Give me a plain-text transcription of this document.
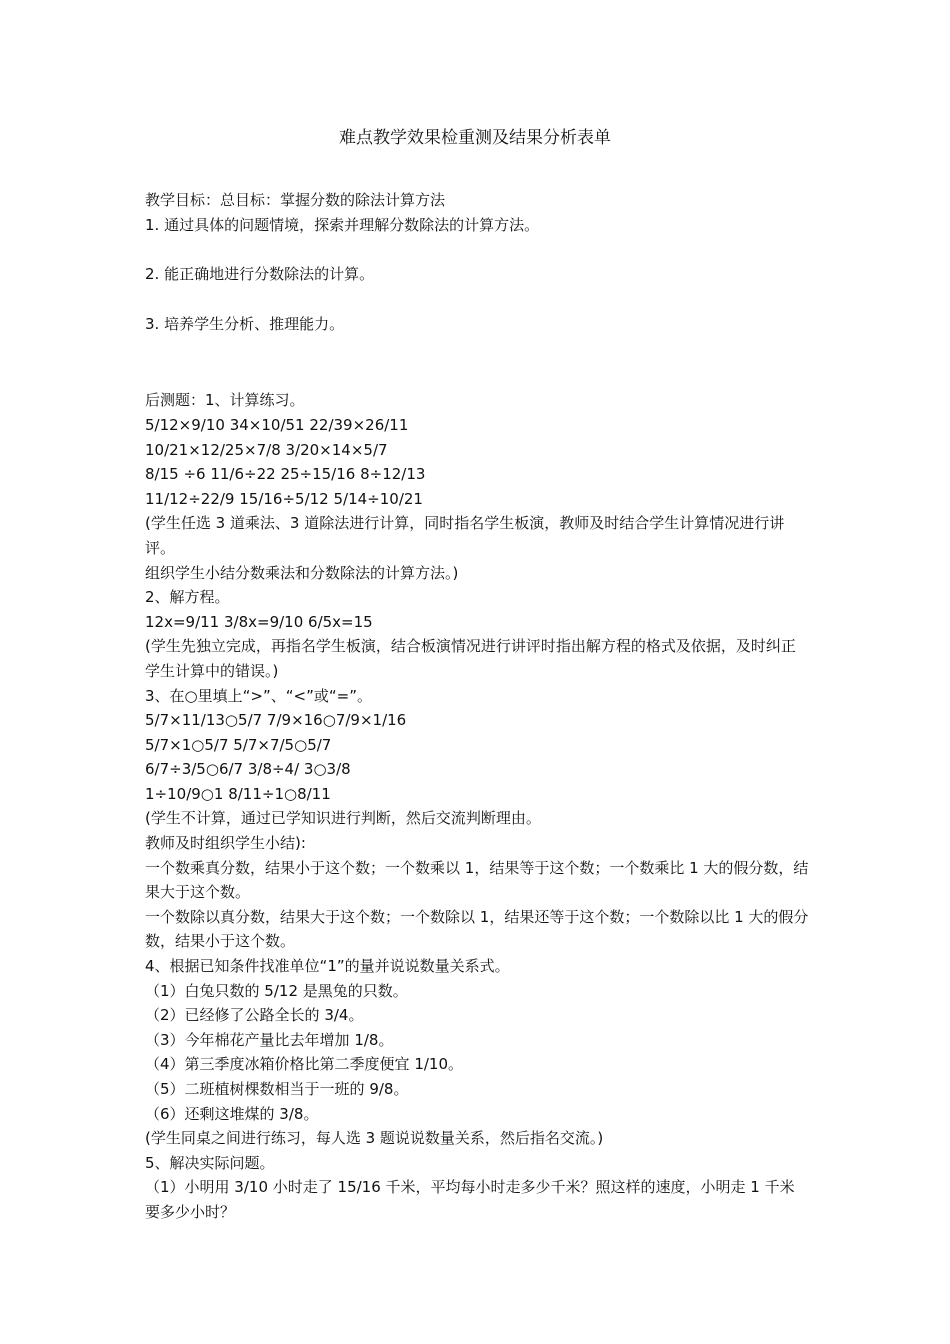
难点教学效果检重测及结果分析表单
教学目标：总目标：掌握分数的除法计算方法
1. 通过具体的问题情境，探索并理解分数除法的计算方法。
2. 能正确地进行分数除法的计算。
3. 培养学生分析、推理能力。
后测题：1、计算练习。
5/12×9/10 34×10/51 22/39×26/11
10/21×12/25×7/8 3/20×14×5/7
8/15 ÷6 11/6÷22 25÷15/16 8÷12/13
11/12÷22/9 15/16÷5/12 5/14÷10/21
(学生任选 3 道乘法、3 道除法进行计算，同时指名学生板演，教师及时结合学生计算情况进行讲评。
组织学生小结分数乘法和分数除法的计算方法。)
2、解方程。
12x=9/11 3/8x=9/10 6/5x=15
(学生先独立完成，再指名学生板演，结合板演情况进行讲评时指出解方程的格式及依据，及时纠正学生计算中的错误。)
3、在○里填上“>”、“<”或“=”。
5/7×11/13○5/7 7/9×16○7/9×1/16
5/7×1○5/7 5/7×7/5○5/7
6/7÷3/5○6/7 3/8÷4/ 3○3/8
1÷10/9○1 8/11÷1○8/11
(学生不计算，通过已学知识进行判断，然后交流判断理由。
教师及时组织学生小结):
一个数乘真分数，结果小于这个数；一个数乘以 1，结果等于这个数；一个数乘比 1 大的假分数，结果大于这个数。
一个数除以真分数，结果大于这个数；一个数除以 1，结果还等于这个数；一个数除以比 1 大的假分数，结果小于这个数。
4、根据已知条件找准单位“1”的量并说说数量关系式。
（1）白兔只数的 5/12 是黑兔的只数。
（2）已经修了公路全长的 3/4。
（3）今年棉花产量比去年增加 1/8。
（4）第三季度冰箱价格比第二季度便宜 1/10。
（5）二班植树棵数相当于一班的 9/8。
（6）还剩这堆煤的 3/8。
(学生同桌之间进行练习，每人选 3 题说说数量关系，然后指名交流。)
5、解决实际问题。
（1）小明用 3/10 小时走了 15/16 千米，平均每小时走多少千米？照这样的速度，小明走 1 千米要多少小时？
